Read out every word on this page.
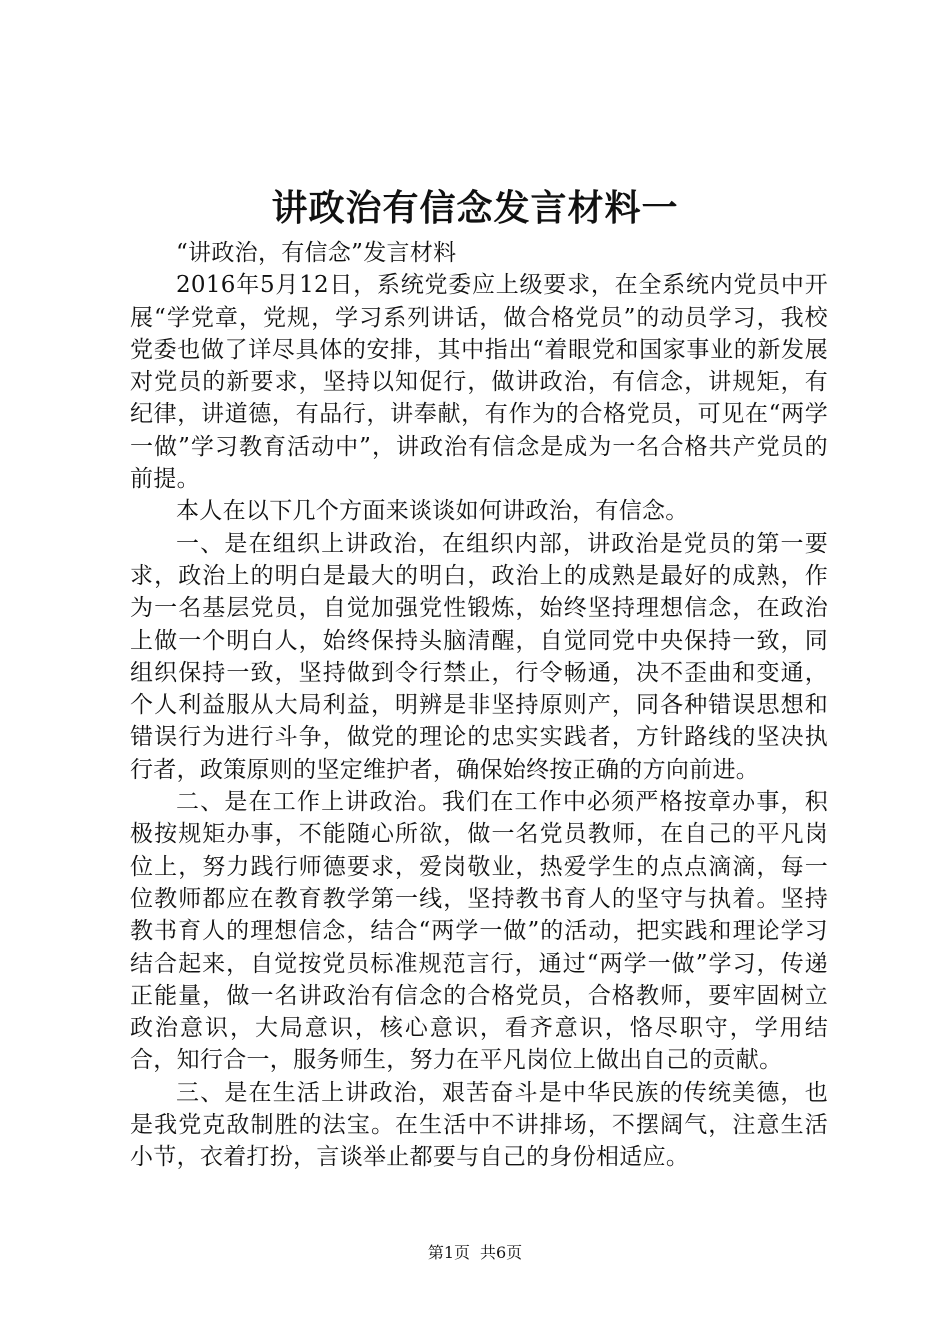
讲政治有信念发言材料一

“讲政治，有信念”发言材料

2016年5月12日，系统党委应上级要求，在全系统内党员中开展“学党章，党规，学习系列讲话，做合格党员”的动员学习，我校党委也做了详尽具体的安排，其中指出“着眼党和国家事业的新发展对党员的新要求，坚持以知促行，做讲政治，有信念，讲规矩，有纪律，讲道德，有品行，讲奉献，有作为的合格党员，可见在“两学一做”学习教育活动中”，讲政治有信念是成为一名合格共产党员的前提。

本人在以下几个方面来谈谈如何讲政治，有信念。

一、是在组织上讲政治，在组织内部，讲政治是党员的第一要求，政治上的明白是最大的明白，政治上的成熟是最好的成熟，作为一名基层党员，自觉加强党性锻炼，始终坚持理想信念，在政治上做一个明白人，始终保持头脑清醒，自觉同党中央保持一致，同组织保持一致，坚持做到令行禁止，行令畅通，决不歪曲和变通，个人利益服从大局利益，明辨是非坚持原则产，同各种错误思想和错误行为进行斗争，做党的理论的忠实实践者，方针路线的坚决执行者，政策原则的坚定维护者，确保始终按正确的方向前进。

二、是在工作上讲政治。我们在工作中必须严格按章办事，积极按规矩办事，不能随心所欲，做一名党员教师，在自己的平凡岗位上，努力践行师德要求，爱岗敬业，热爱学生的点点滴滴，每一位教师都应在教育教学第一线，坚持教书育人的坚守与执着。坚持教书育人的理想信念，结合“两学一做”的活动，把实践和理论学习结合起来，自觉按党员标准规范言行，通过“两学一做”学习，传递正能量，做一名讲政治有信念的合格党员，合格教师，要牢固树立政治意识，大局意识，核心意识，看齐意识，恪尽职守，学用结合，知行合一，服务师生，努力在平凡岗位上做出自己的贡献。

三、是在生活上讲政治，艰苦奋斗是中华民族的传统美德，也是我党克敌制胜的法宝。在生活中不讲排场，不摆阔气，注意生活小节，衣着打扮，言谈举止都要与自己的身份相适应。

第1页 共6页
